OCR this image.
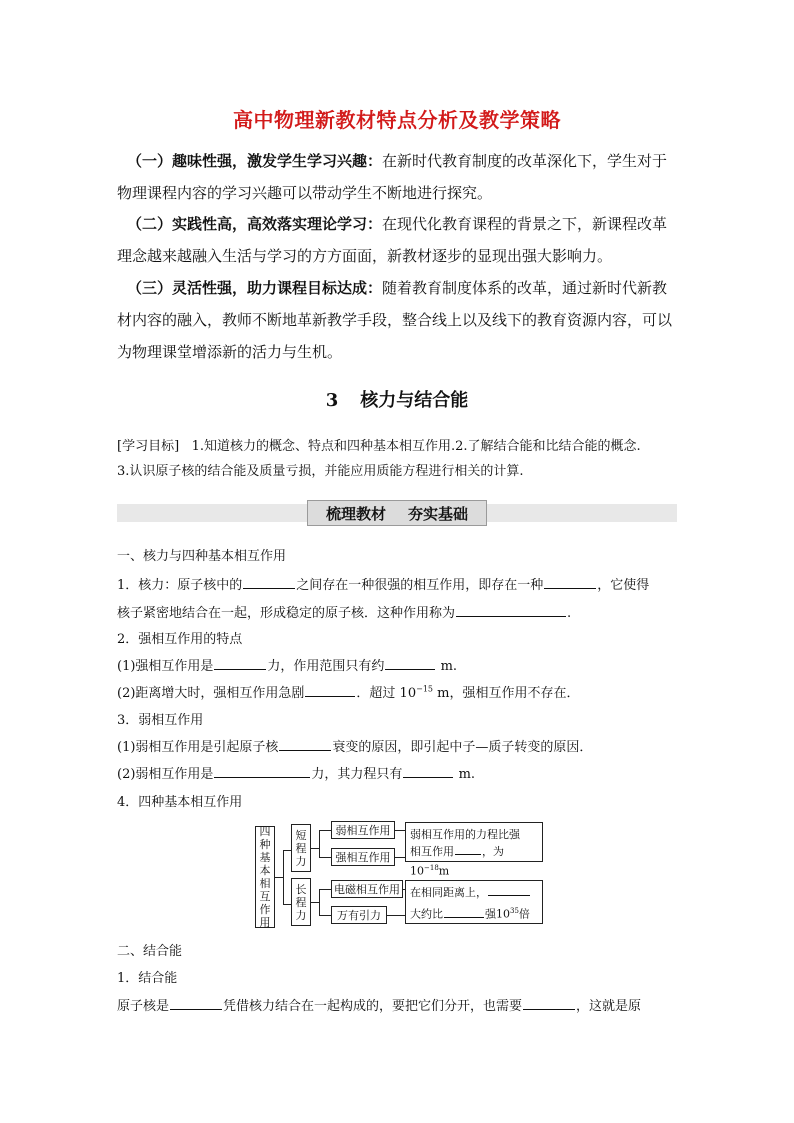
高中物理新教材特点分析及教学策略
（一）趣味性强，激发学生学习兴趣：在新时代教育制度的改革深化下，学生对于物理课程内容的学习兴趣可以带动学生不断地进行探究。
（二）实践性高，高效落实理论学习：在现代化教育课程的背景之下，新课程改革理念越来越融入生活与学习的方方面面，新教材逐步的显现出强大影响力。
（三）灵活性强，助力课程目标达成：随着教育制度体系的改革，通过新时代新教材内容的融入，教师不断地革新教学手段，整合线上以及线下的教育资源内容，可以为物理课堂增添新的活力与生机。
3 核力与结合能
[学习目标] 1.知道核力的概念、特点和四种基本相互作用.2.了解结合能和比结合能的概念.
3.认识原子核的结合能及质量亏损，并能应用质能方程进行相关的计算.
梳理教材 夯实基础
一、核力与四种基本相互作用
1．核力：原子核中的	之间存在一种很强的相互作用，即存在一种	，它使得
核子紧密地结合在一起，形成稳定的原子核．这种作用称为	.
2．强相互作用的特点
(1)强相互作用是	力，作用范围只有约	m.
(2)距离增大时，强相互作用急剧	．超过 $10^{-15}$ m，强相互作用不存在．
3．弱相互作用
(1)弱相互作用是引起原子核	衰变的原因，即引起中子—质子转变的原因．
(2)弱相互作用是	力，其力程只有	m.
4．四种基本相互作用
四
种
基
本
相
互
作
用
短
程
力
长
程
力
弱相互作用
强相互作用
电磁相互作用
万有引力
弱相互作用的力程比强
相互作用	，为$10^{-18}m$
在相同距离上，
大约比	强$10^{35}$倍
二、结合能
1．结合能
原子核是	凭借核力结合在一起构成的，要把它们分开，也需要	，这就是原
